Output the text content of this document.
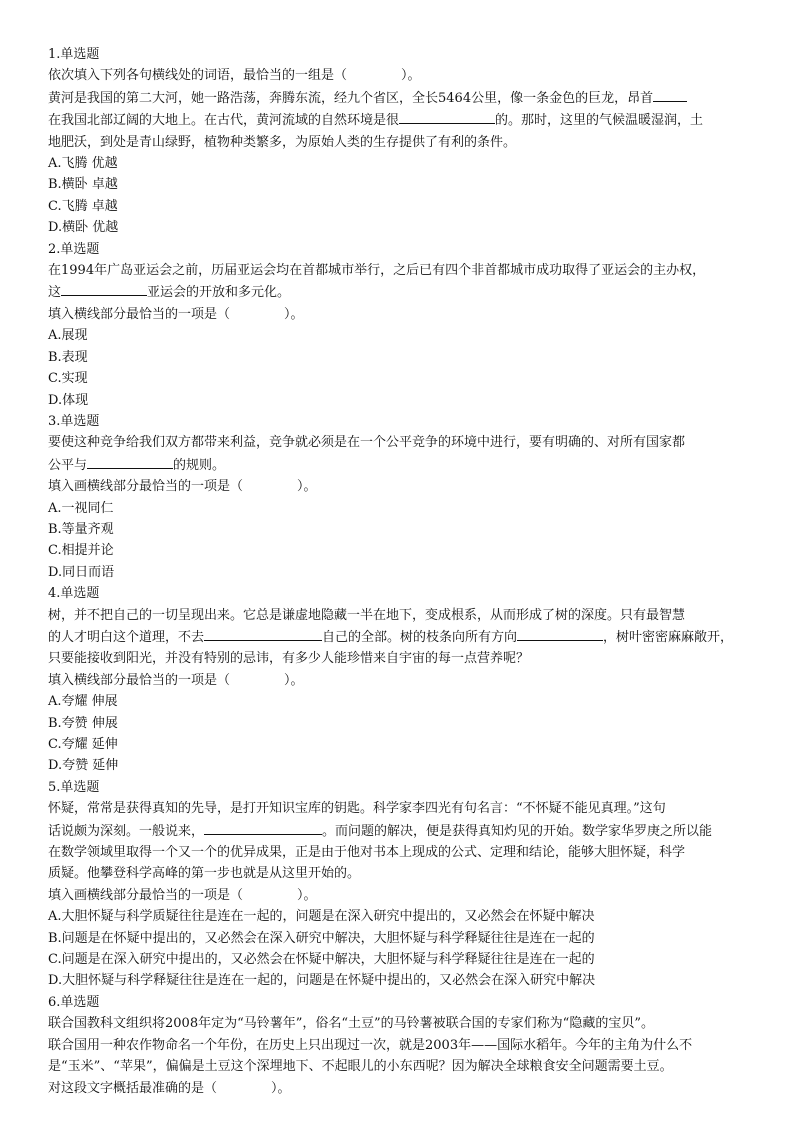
1.单选题
依次填入下列各句横线处的词语，最恰当的一组是（	）。
黄河是我国的第二大河，她一路浩荡，奔腾东流，经九个省区，全长5464公里，像一条金色的巨龙，昂首
在我国北部辽阔的大地上。在古代，黄河流域的自然环境是很	的。那时，这里的气候温暖湿润，土
地肥沃，到处是青山绿野，植物种类繁多，为原始人类的生存提供了有利的条件。
A.飞腾 优越
B.横卧 卓越
C.飞腾 卓越
D.横卧 优越
2.单选题
在1994年广岛亚运会之前，历届亚运会均在首都城市举行，之后已有四个非首都城市成功取得了亚运会的主办权，
这	亚运会的开放和多元化。
填入横线部分最恰当的一项是（	）。
A.展现
B.表现
C.实现
D.体现
3.单选题
要使这种竞争给我们双方都带来利益，竞争就必须是在一个公平竞争的环境中进行，要有明确的、对所有国家都
公平与	的规则。
填入画横线部分最恰当的一项是（	）。
A.一视同仁
B.等量齐观
C.相提并论
D.同日而语
4.单选题
树，并不把自己的一切呈现出来。它总是谦虚地隐藏一半在地下，变成根系，从而形成了树的深度。只有最智慧
的人才明白这个道理，不去	自己的全部。树的枝条向所有方向	，树叶密密麻麻敞开，
只要能接收到阳光，并没有特别的忌讳，有多少人能珍惜来自宇宙的每一点营养呢？
填入横线部分最恰当的一项是（	）。
A.夸耀 伸展
B.夸赞 伸展
C.夸耀 延伸
D.夸赞 延伸
5.单选题
怀疑，常常是获得真知的先导，是打开知识宝库的钥匙。科学家李四光有句名言：“不怀疑不能见真理。”这句
话说颇为深刻。一般说来，	。而问题的解决，便是获得真知灼见的开始。数学家华罗庚之所以能
在数学领域里取得一个又一个的优异成果，正是由于他对书本上现成的公式、定理和结论，能够大胆怀疑，科学
质疑。他攀登科学高峰的第一步也就是从这里开始的。
填入画横线部分最恰当的一项是（	）。
A.大胆怀疑与科学质疑往往是连在一起的，问题是在深入研究中提出的，又必然会在怀疑中解决
B.问题是在怀疑中提出的，又必然会在深入研究中解决，大胆怀疑与科学释疑往往是连在一起的
C.问题是在深入研究中提出的，又必然会在怀疑中解决，大胆怀疑与科学释疑往往是连在一起的
D.大胆怀疑与科学释疑往往是连在一起的，问题是在怀疑中提出的，又必然会在深入研究中解决
6.单选题
联合国教科文组织将2008年定为“马铃薯年”，俗名“土豆”的马铃薯被联合国的专家们称为“隐藏的宝贝”。
联合国用一种农作物命名一个年份，在历史上只出现过一次，就是2003年——国际水稻年。今年的主角为什么不
是“玉米”、“苹果”，偏偏是土豆这个深埋地下、不起眼儿的小东西呢？因为解决全球粮食安全问题需要土豆。
对这段文字概括最准确的是（	）。
